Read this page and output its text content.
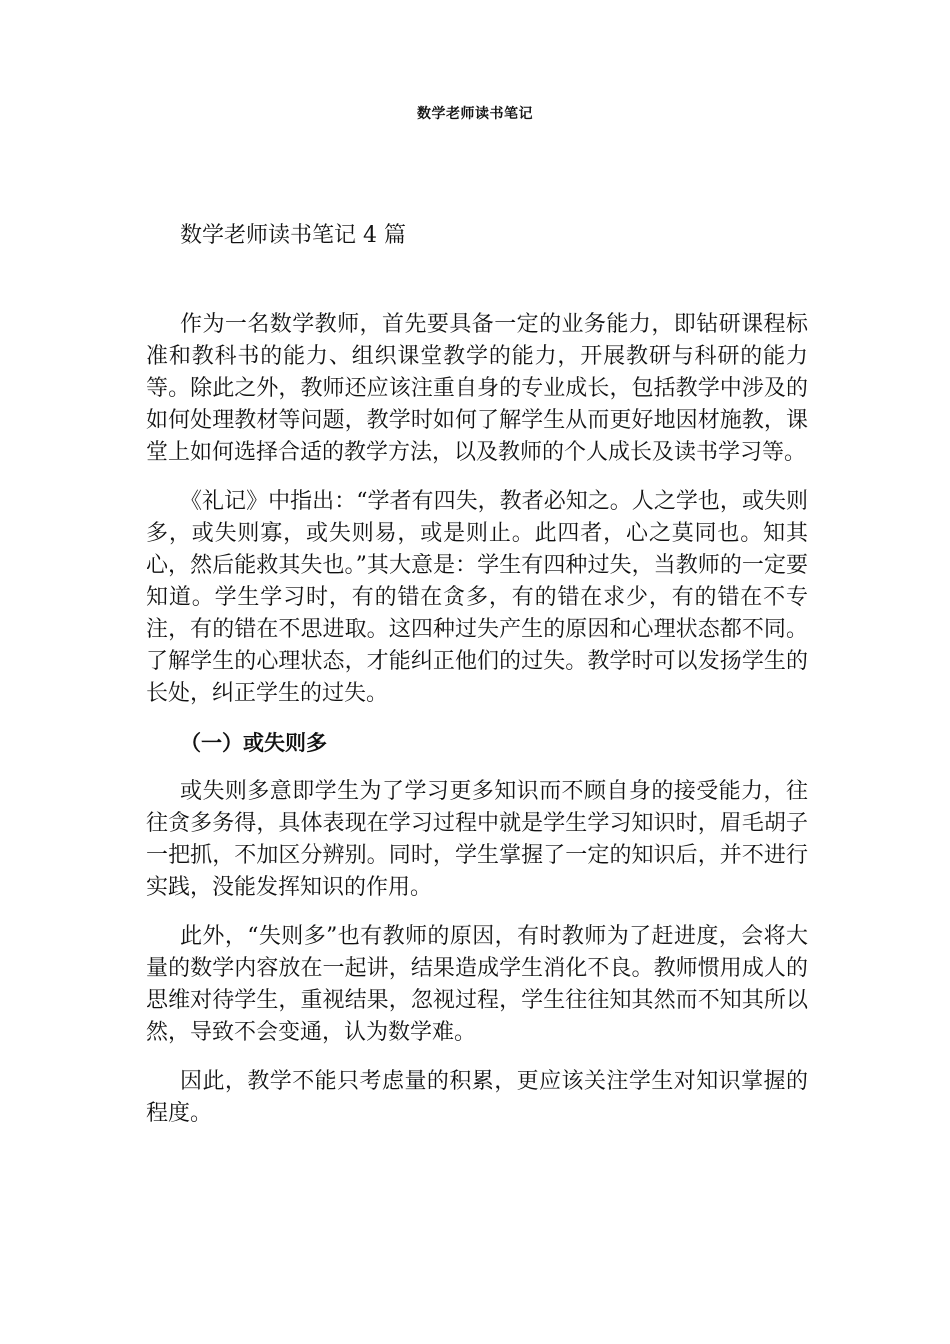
数学老师读书笔记
数学老师读书笔记 4 篇

作为一名数学教师，首先要具备一定的业务能力，即钻研课程标准和教科书的能力、组织课堂教学的能力，开展教研与科研的能力等。除此之外，教师还应该注重自身的专业成长，包括教学中涉及的如何处理教材等问题，教学时如何了解学生从而更好地因材施教，课堂上如何选择合适的教学方法，以及教师的个人成长及读书学习等。

《礼记》中指出：“学者有四失，教者必知之。人之学也，或失则多，或失则寡，或失则易，或是则止。此四者，心之莫同也。知其心，然后能救其失也。”其大意是：学生有四种过失，当教师的一定要知道。学生学习时，有的错在贪多，有的错在求少，有的错在不专注，有的错在不思进取。这四种过失产生的原因和心理状态都不同。了解学生的心理状态，才能纠正他们的过失。教学时可以发扬学生的长处，纠正学生的过失。

（一）或失则多

或失则多意即学生为了学习更多知识而不顾自身的接受能力，往往贪多务得，具体表现在学习过程中就是学生学习知识时，眉毛胡子一把抓，不加区分辨别。同时，学生掌握了一定的知识后，并不进行实践，没能发挥知识的作用。

此外，“失则多”也有教师的原因，有时教师为了赶进度，会将大量的数学内容放在一起讲，结果造成学生消化不良。教师惯用成人的思维对待学生，重视结果，忽视过程，学生往往知其然而不知其所以然，导致不会变通，认为数学难。

因此，教学不能只考虑量的积累，更应该关注学生对知识掌握的程度。
